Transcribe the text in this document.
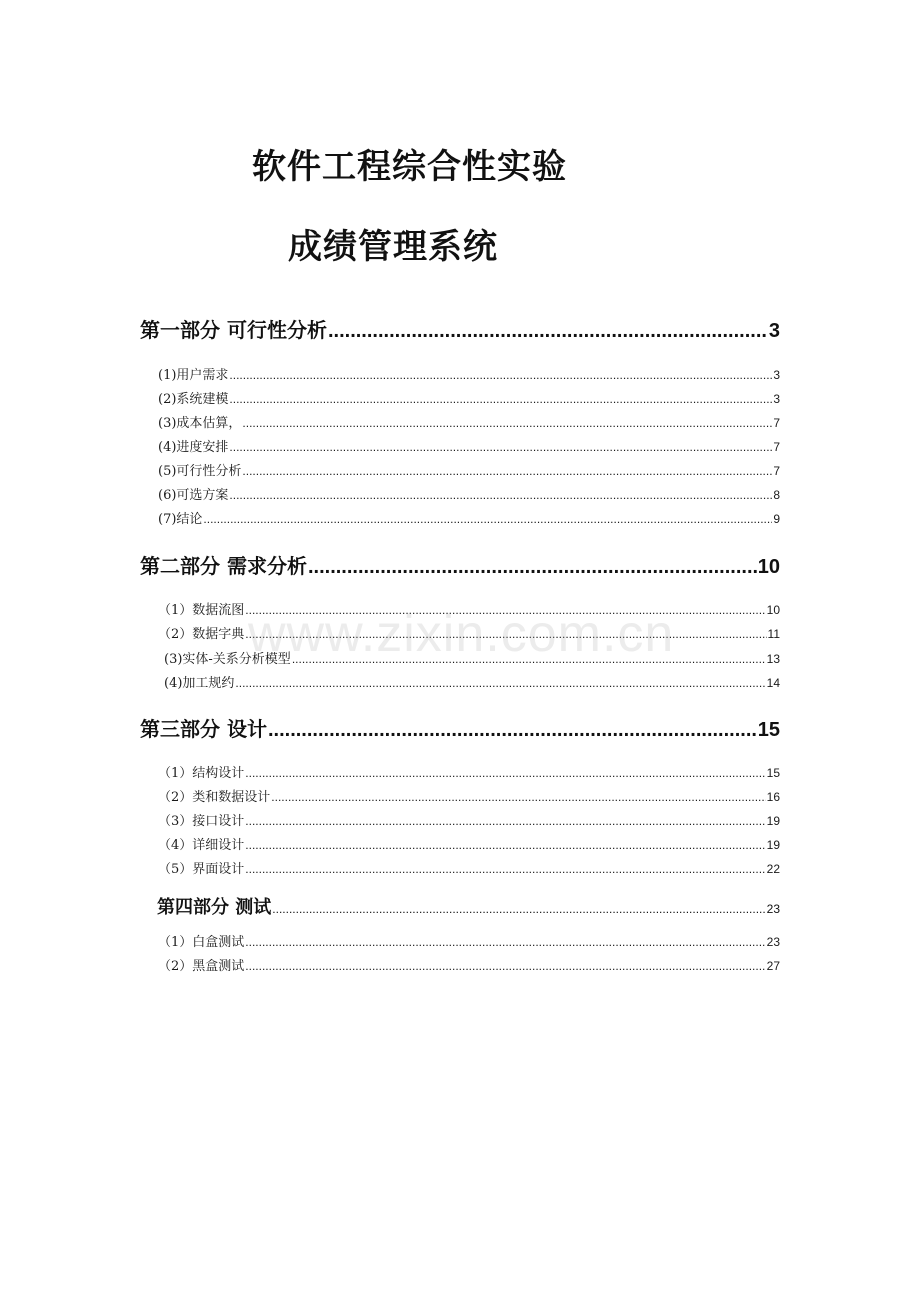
软件工程综合性实验
成绩管理系统
第一部分 可行性分析 .....	3
(1)用户需求 .....	3
(2)系统建模 .....	3
(3)成本估算， .....	7
(4)进度安排 .....	7
(5)可行性分析 .....	7
(6)可选方案 .....	8
(7)结论 .....	9
第二部分 需求分析 .....	10
（1）数据流图 .....	10
（2）数据字典 .....	11
(3)实体-关系分析模型 .....	13
(4)加工规约 .....	14
第三部分 设计 .....	15
（1）结构设计 .....	15
（2）类和数据设计 .....	16
（3）接口设计 .....	19
（4）详细设计 .....	19
（5）界面设计 .....	22
第四部分 测试 .....	23
（1）白盒测试 .....	23
（2）黑盒测试 .....	27
www.zixin.com.cn
